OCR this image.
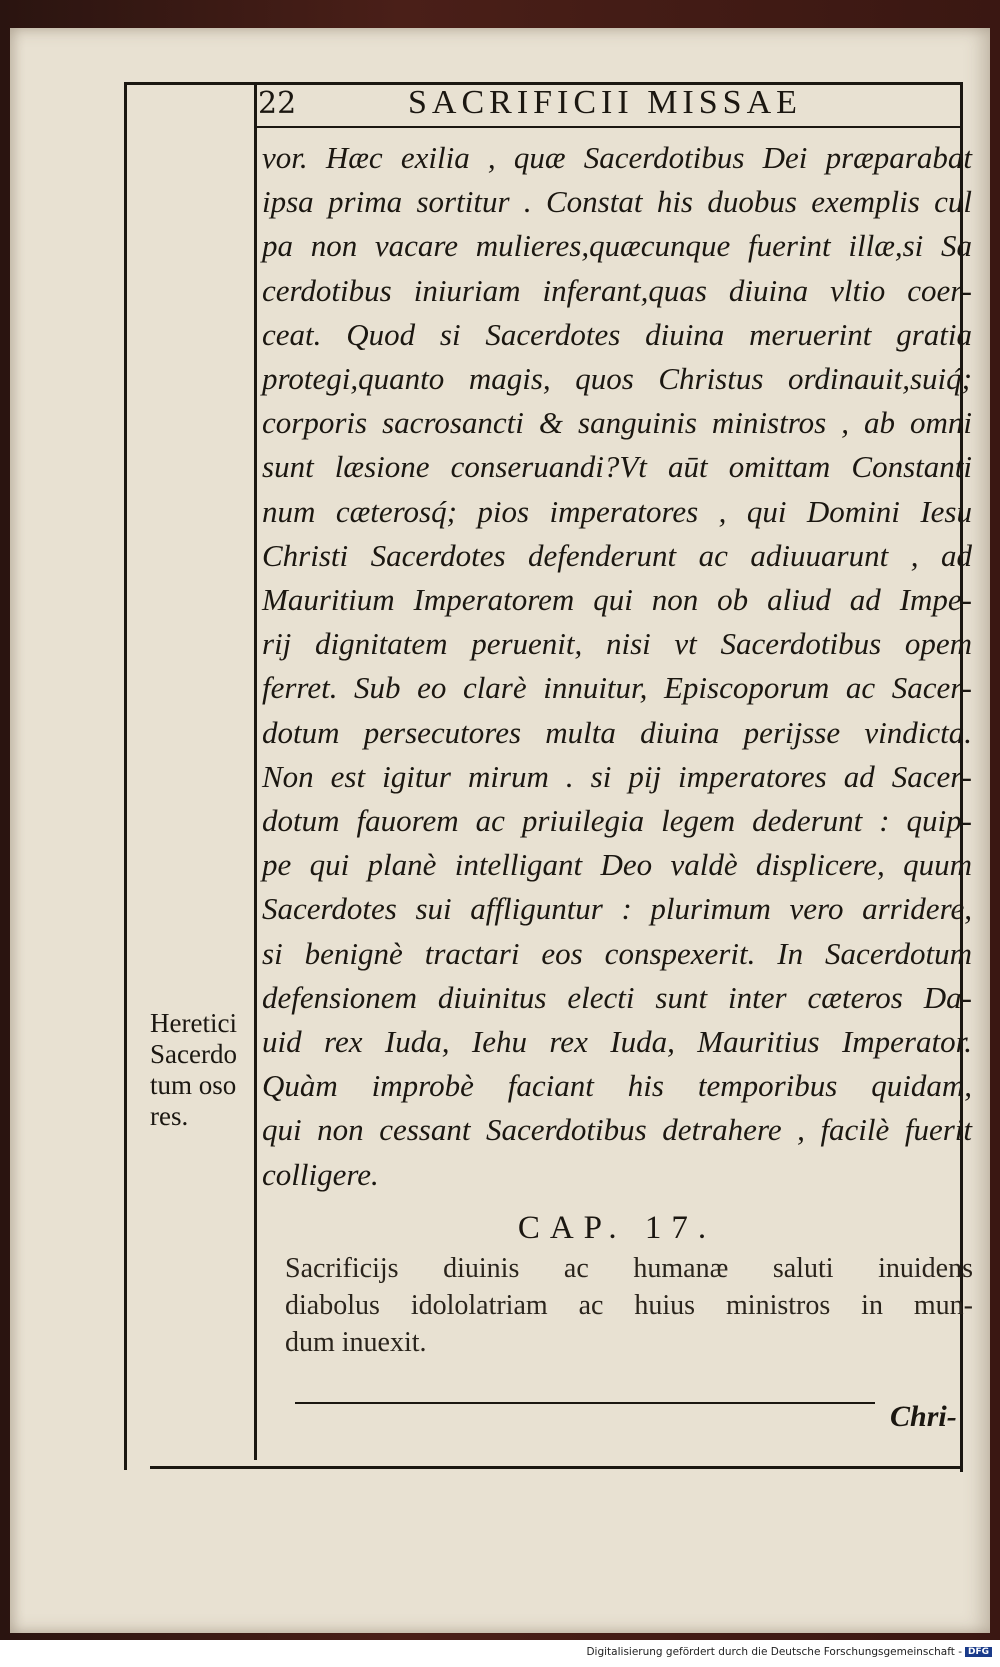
22	SACRIFICII MISSAE
vor. Hæc exilia , quæ Sacerdotibus Dei præparabat
ipsa prima sortitur . Constat his duobus exemplis cul
pa non vacare mulieres,quæcunque fuerint illæ,si Sa
cerdotibus iniuriam inferant,quas diuina vltio coer-
ceat. Quod si Sacerdotes diuina meruerint gratia
protegi,quanto magis, quos Christus ordinauit,suiq́;
corporis sacrosancti & sanguinis ministros , ab omni
sunt læsione conseruandi?Vt aūt omittam Constanti
num cæterosq́; pios imperatores , qui Domini Iesu
Christi Sacerdotes defenderunt ac adiuuarunt , ad
Mauritium Imperatorem qui non ob aliud ad Impe-
rij dignitatem peruenit, nisi vt Sacerdotibus opem
ferret. Sub eo clarè innuitur, Episcoporum ac Sacer-
dotum persecutores multa diuina perijsse vindicta.
Non est igitur mirum . si pij imperatores ad Sacer-
dotum fauorem ac priuilegia legem dederunt : quip-
pe qui planè intelligant Deo valdè displicere, quum
Sacerdotes sui affliguntur : plurimum vero arridere,
si benignè tractari eos conspexerit. In Sacerdotum
defensionem diuinitus electi sunt inter cæteros Da-
uid rex Iuda, Iehu rex Iuda, Mauritius Imperator.
Quàm improbè faciant his temporibus quidam,
qui non cessant Sacerdotibus detrahere , facilè fuerit
colligere.
Heretici
Sacerdo
tum oso
res.
CAP. 17.
Sacrificijs diuinis ac humanæ saluti inuidens
diabolus idololatriam ac huius ministros in mun-
dum inuexit.
Chri-
Digitalisierung gefördert durch die Deutsche Forschungsgemeinschaft - DFG
